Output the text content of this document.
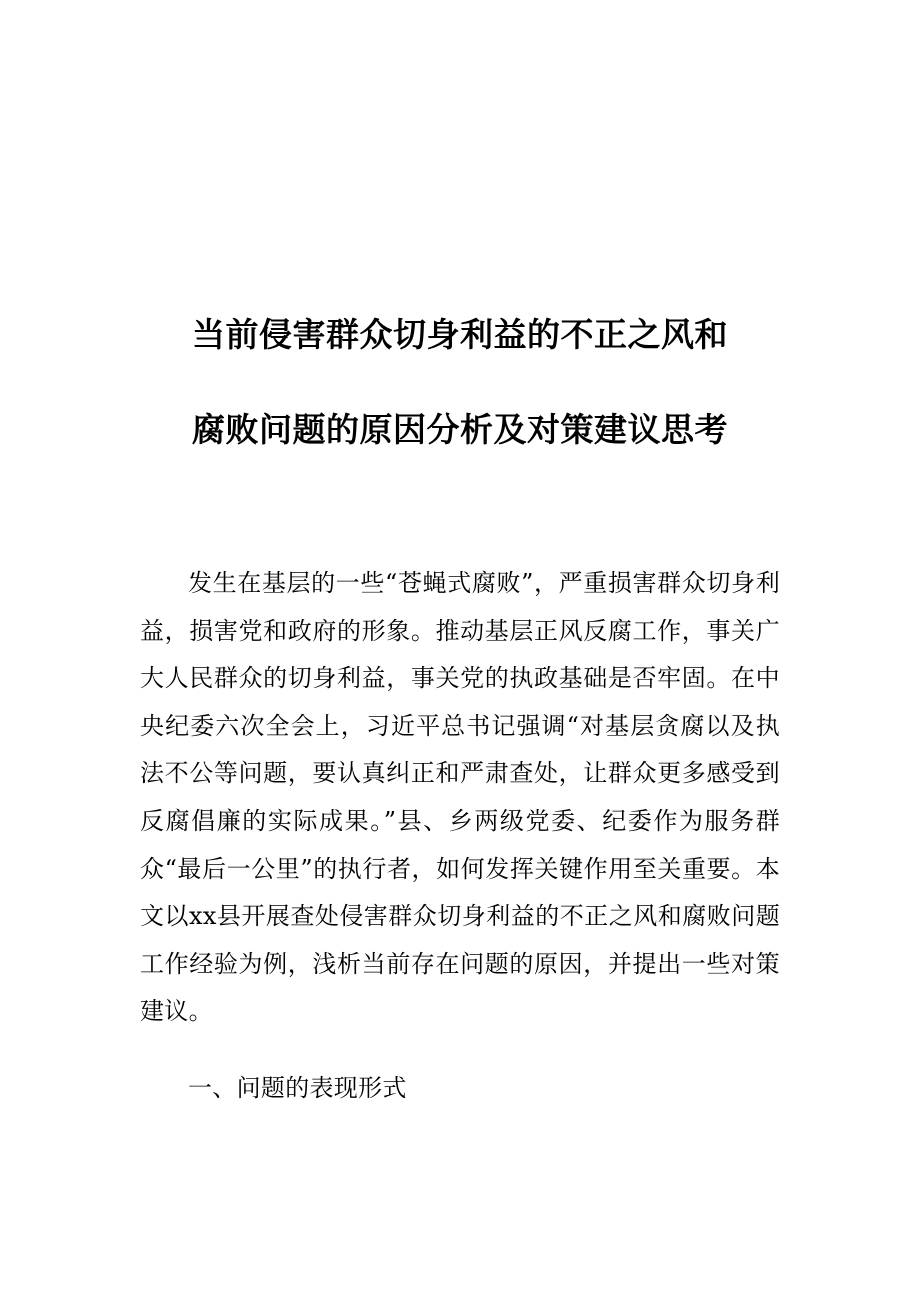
当前侵害群众切身利益的不正之风和
腐败问题的原因分析及对策建议思考

发生在基层的一些“苍蝇式腐败”，严重损害群众切身利益，损害党和政府的形象。推动基层正风反腐工作，事关广大人民群众的切身利益，事关党的执政基础是否牢固。在中央纪委六次全会上，习近平总书记强调“对基层贪腐以及执法不公等问题，要认真纠正和严肃查处，让群众更多感受到反腐倡廉的实际成果。”县、乡两级党委、纪委作为服务群众“最后一公里”的执行者，如何发挥关键作用至关重要。本文以xx县开展查处侵害群众切身利益的不正之风和腐败问题工作经验为例，浅析当前存在问题的原因，并提出一些对策建议。

一、问题的表现形式
